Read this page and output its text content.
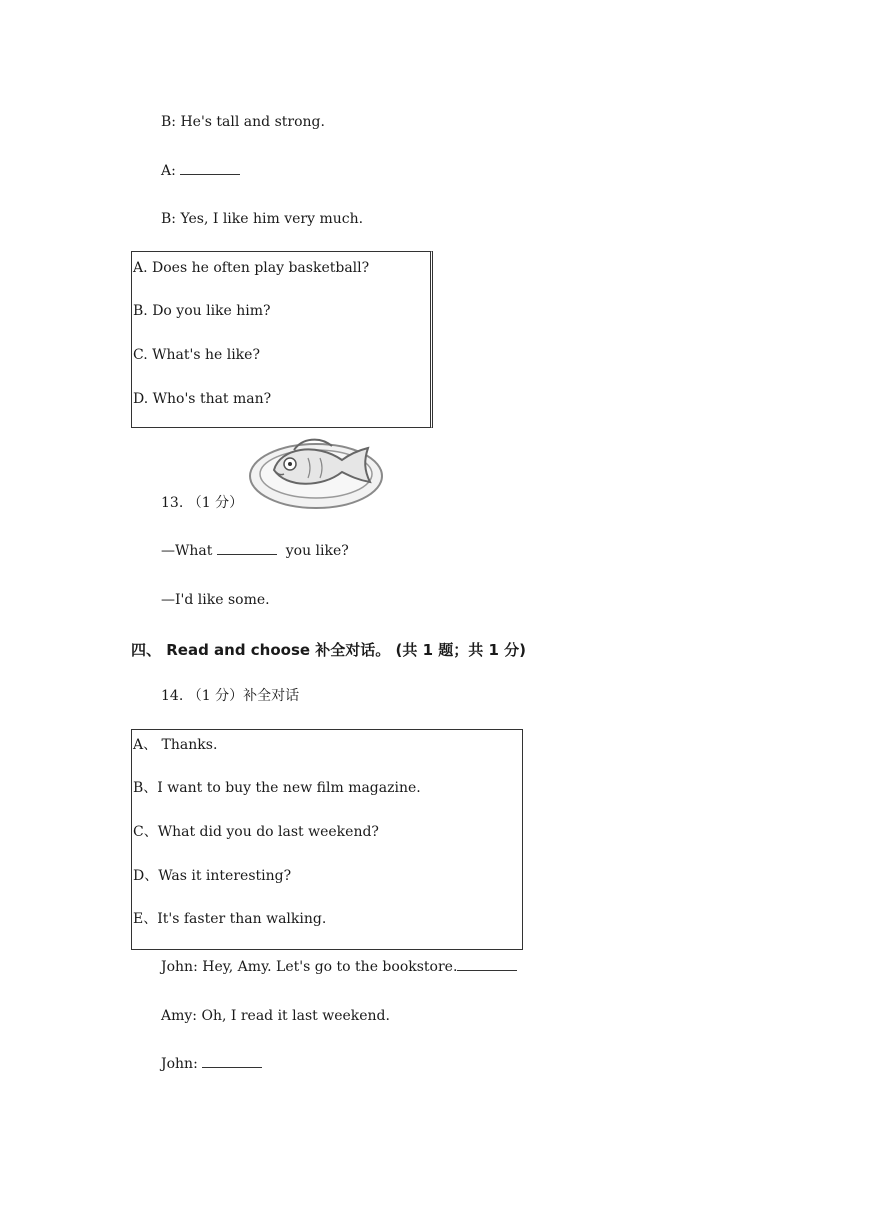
B: He's tall and strong.
A:
B: Yes, I like him very much.
A. Does he often play basketball?
B. Do you like him?
C. What's he like?
D. Who's that man?
13. （1 分）
—What	you like?
—I'd like some.
四、 Read and choose 补全对话。 (共 1 题；共 1 分)
14. （1 分）补全对话
A、 Thanks.
B、I want to buy the new film magazine.
C、What did you do last weekend?
D、Was it interesting?
E、It's faster than walking.
John: Hey, Amy. Let's go to the bookstore.
Amy: Oh, I read it last weekend.
John:
